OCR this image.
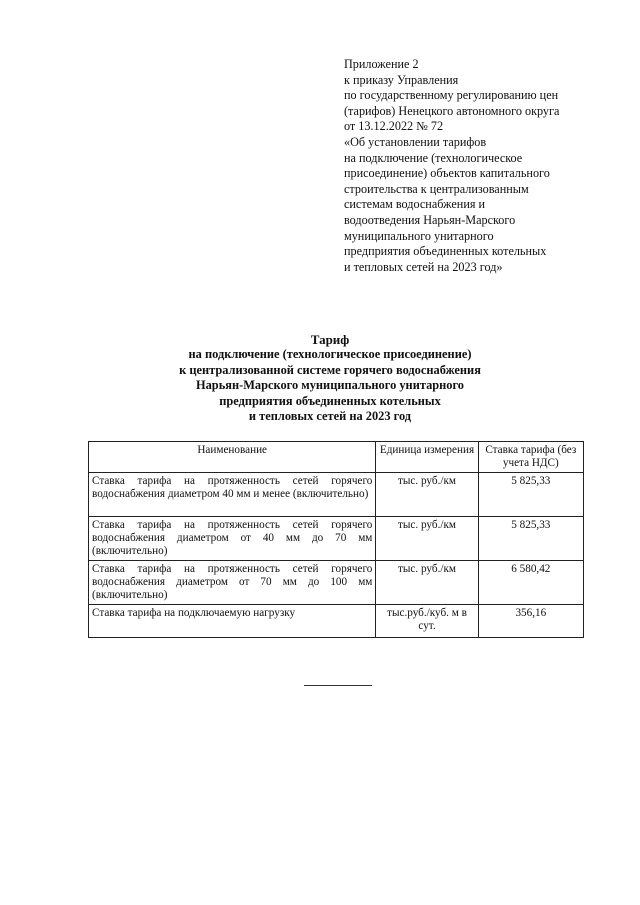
Приложение 2
к приказу Управления
по государственному регулированию цен
(тарифов) Ненецкого автономного округа
от 13.12.2022 № 72
«Об установлении тарифов
на подключение (технологическое
присоединение) объектов капитального
строительства к централизованным
системам водоснабжения и
водоотведения Нарьян-Марского
муниципального унитарного
предприятия объединенных котельных
и тепловых сетей на 2023 год»
Тариф
на подключение (технологическое присоединение)
к централизованной системе горячего водоснабжения
Нарьян-Марского муниципального унитарного
предприятия объединенных котельных
и тепловых сетей на 2023 год
Наименование	Единица измерения	Ставка тарифа (без учета НДС)
Ставка тарифа на протяженность сетей горячего водоснабжения диаметром 40 мм и менее (включительно)	тыс. руб./км	5 825,33
Ставка тарифа на протяженность сетей горячего водоснабжения диаметром от 40 мм до 70 мм (включительно)	тыс. руб./км	5 825,33
Ставка тарифа на протяженность сетей горячего водоснабжения диаметром от 70 мм до 100 мм (включительно)	тыс. руб./км	6 580,42
Ставка тарифа на подключаемую нагрузку	тыс.руб./куб. м в сут.	356,16
